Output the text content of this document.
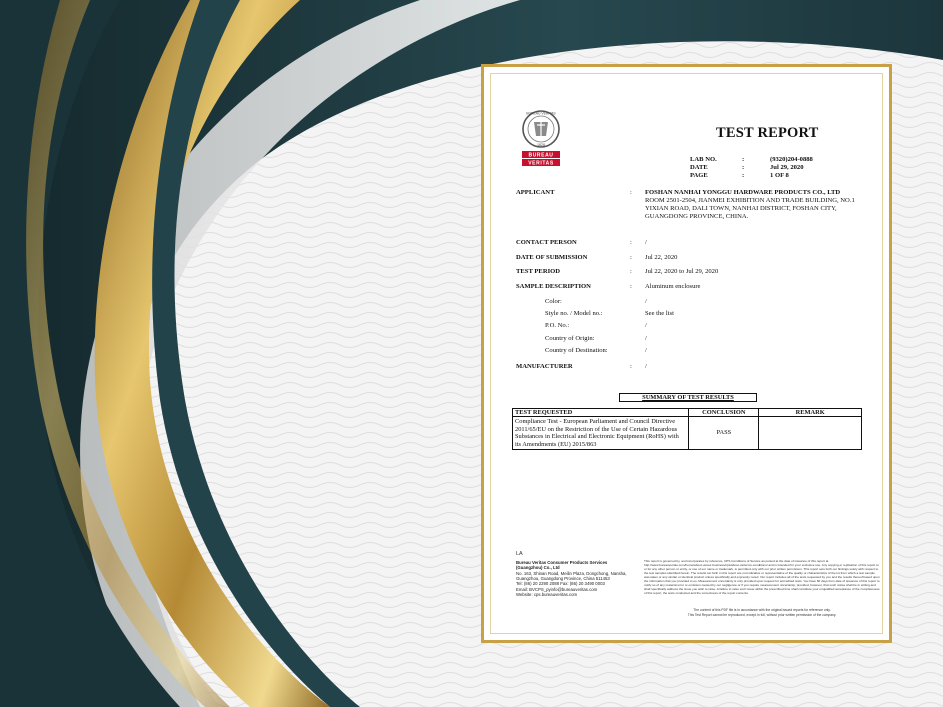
BUREAU VERITAS
1828
BUREAU
VERITAS
TEST REPORT
LAB NO.	:	(9320)204-0888
DATE	:	Jul 29, 2020
PAGE	:	1 OF 8
APPLICANT	: FOSHAN NANHAI YONGGU HARDWARE PRODUCTS CO., LTD
ROOM 2501-2504, JIANMEI EXHIBITION AND TRADE BUILDING, NO.1 YIXIAN ROAD, DALI TOWN, NANHAI DISTRICT, FOSHAN CITY, GUANGDONG PROVINCE, CHINA.
CONTACT PERSON	: /
DATE OF SUBMISSION	: Jul 22, 2020
TEST PERIOD	: Jul 22, 2020 to Jul 29, 2020
SAMPLE DESCRIPTION	: Aluminum enclosure
Color:	/
Style no. / Model no.:	See the list
P.O. No.:	/
Country of Origin:	/
Country of Destination:	/
MANUFACTURER	: /
SUMMARY OF TEST RESULTS
TEST REQUESTED	CONCLUSION	REMARK
Compliance Test - European Parliament and Council Directive 2011/65/EU on the Restriction of the Use of Certain Hazardous Substances in Electrical and Electronic Equipment (RoHS) with its Amendments (EU) 2015/863	PASS	
LA
Bureau Veritas Consumer Products Services (Guangzhou) Co., Ltd
No. 163, Shinan Road, Meilin Plaza, Dongchong, Nansha, Guangzhou, Guangdong Province, China 511453
Tel: (86) 20 2290 2088 Fax: (86) 20 3490 0003
Email: BVCPS_pyinfo@bureauveritas.com
Website: cps.bureauveritas.com
This report is governed by, and incorporates by reference, CPS Conditions of Service as posted at the date of issuance of this report at http://www.bureauveritas.com/home/about-us/our-business/cps/about-us/terms-conditions/ and is intended for your exclusive use. Any copying or replication of this report to or for any other person or entity, or use of our name or trademark, is permitted only with our prior written permission. This report sets forth our findings solely with respect to the test samples identified herein. The results set forth in this report are not indicative or representative of the quality or characteristics of the lot from which a test sample was taken or any similar or identical product unless specifically and expressly noted. Our report includes all of the tests requested by you and the results thereof based upon the information that you provided to us. Measurement uncertainty is only provided upon request for accredited tests. You have 60 days from date of issuance of this report to notify us of any material error or omission caused by our negligence or if you require measurement uncertainty; provided, however, that such notice shall be in writing and shall specifically address the issue you wish to raise. A failure to raise such issue within the prescribed time shall constitute your unqualified acceptance of the completeness of this report, the tests conducted and the correctness of the report contents.
The content of this PDF file is in accordance with the original issued reports for reference only.
This Test Report cannot be reproduced, except in full, without prior written permission of the company.
